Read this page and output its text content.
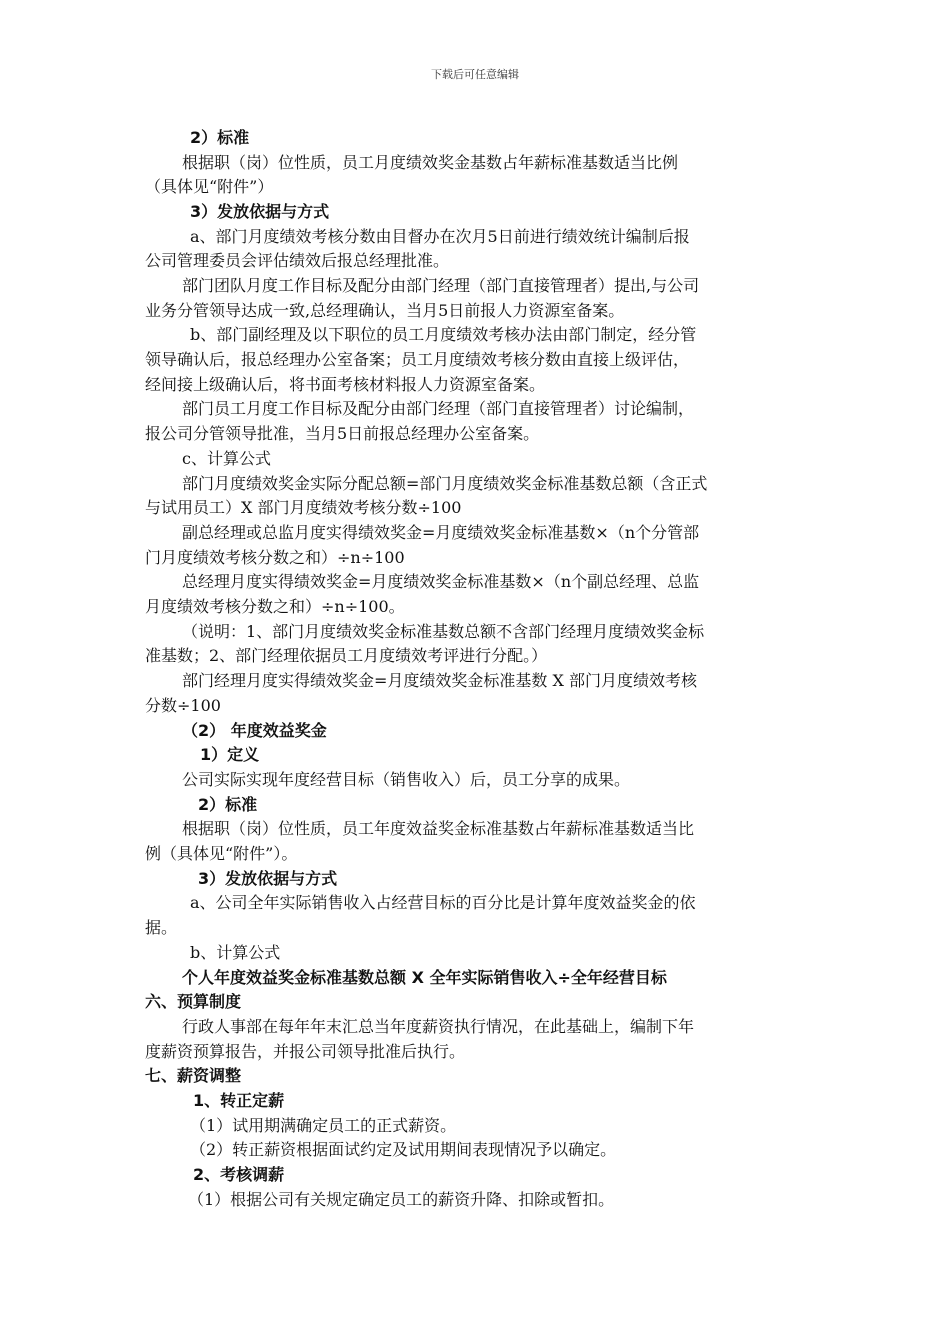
下载后可任意编辑
2）标准
根据职（岗）位性质，员工月度绩效奖金基数占年薪标准基数适当比例
（具体见“附件”）
3）发放依据与方式
a、部门月度绩效考核分数由目督办在次月5日前进行绩效统计编制后报
公司管理委员会评估绩效后报总经理批准。
部门团队月度工作目标及配分由部门经理（部门直接管理者）提出,与公司
业务分管领导达成一致,总经理确认，当月5日前报人力资源室备案。
b、部门副经理及以下职位的员工月度绩效考核办法由部门制定，经分管
领导确认后，报总经理办公室备案；员工月度绩效考核分数由直接上级评估，
经间接上级确认后，将书面考核材料报人力资源室备案。
部门员工月度工作目标及配分由部门经理（部门直接管理者）讨论编制，
报公司分管领导批准，当月5日前报总经理办公室备案。
c、计算公式
部门月度绩效奖金实际分配总额=部门月度绩效奖金标准基数总额（含正式
与试用员工）X 部门月度绩效考核分数÷100
副总经理或总监月度实得绩效奖金=月度绩效奖金标准基数×（n个分管部
门月度绩效考核分数之和）÷n÷100
总经理月度实得绩效奖金=月度绩效奖金标准基数×（n个副总经理、总监
月度绩效考核分数之和）÷n÷100。
（说明：1、部门月度绩效奖金标准基数总额不含部门经理月度绩效奖金标
准基数；2、部门经理依据员工月度绩效考评进行分配。）
部门经理月度实得绩效奖金=月度绩效奖金标准基数 X 部门月度绩效考核
分数÷100
（2） 年度效益奖金
1）定义
公司实际实现年度经营目标（销售收入）后，员工分享的成果。
2）标准
根据职（岗）位性质，员工年度效益奖金标准基数占年薪标准基数适当比
例（具体见“附件”）。
3）发放依据与方式
a、公司全年实际销售收入占经营目标的百分比是计算年度效益奖金的依
据。
b、计算公式
个人年度效益奖金标准基数总额 X 全年实际销售收入÷全年经营目标
六、预算制度
行政人事部在每年年末汇总当年度薪资执行情况，在此基础上，编制下年
度薪资预算报告，并报公司领导批准后执行。
七、薪资调整
1、转正定薪
（1）试用期满确定员工的正式薪资。
（2）转正薪资根据面试约定及试用期间表现情况予以确定。
2、考核调薪
（1）根据公司有关规定确定员工的薪资升降、扣除或暂扣。
